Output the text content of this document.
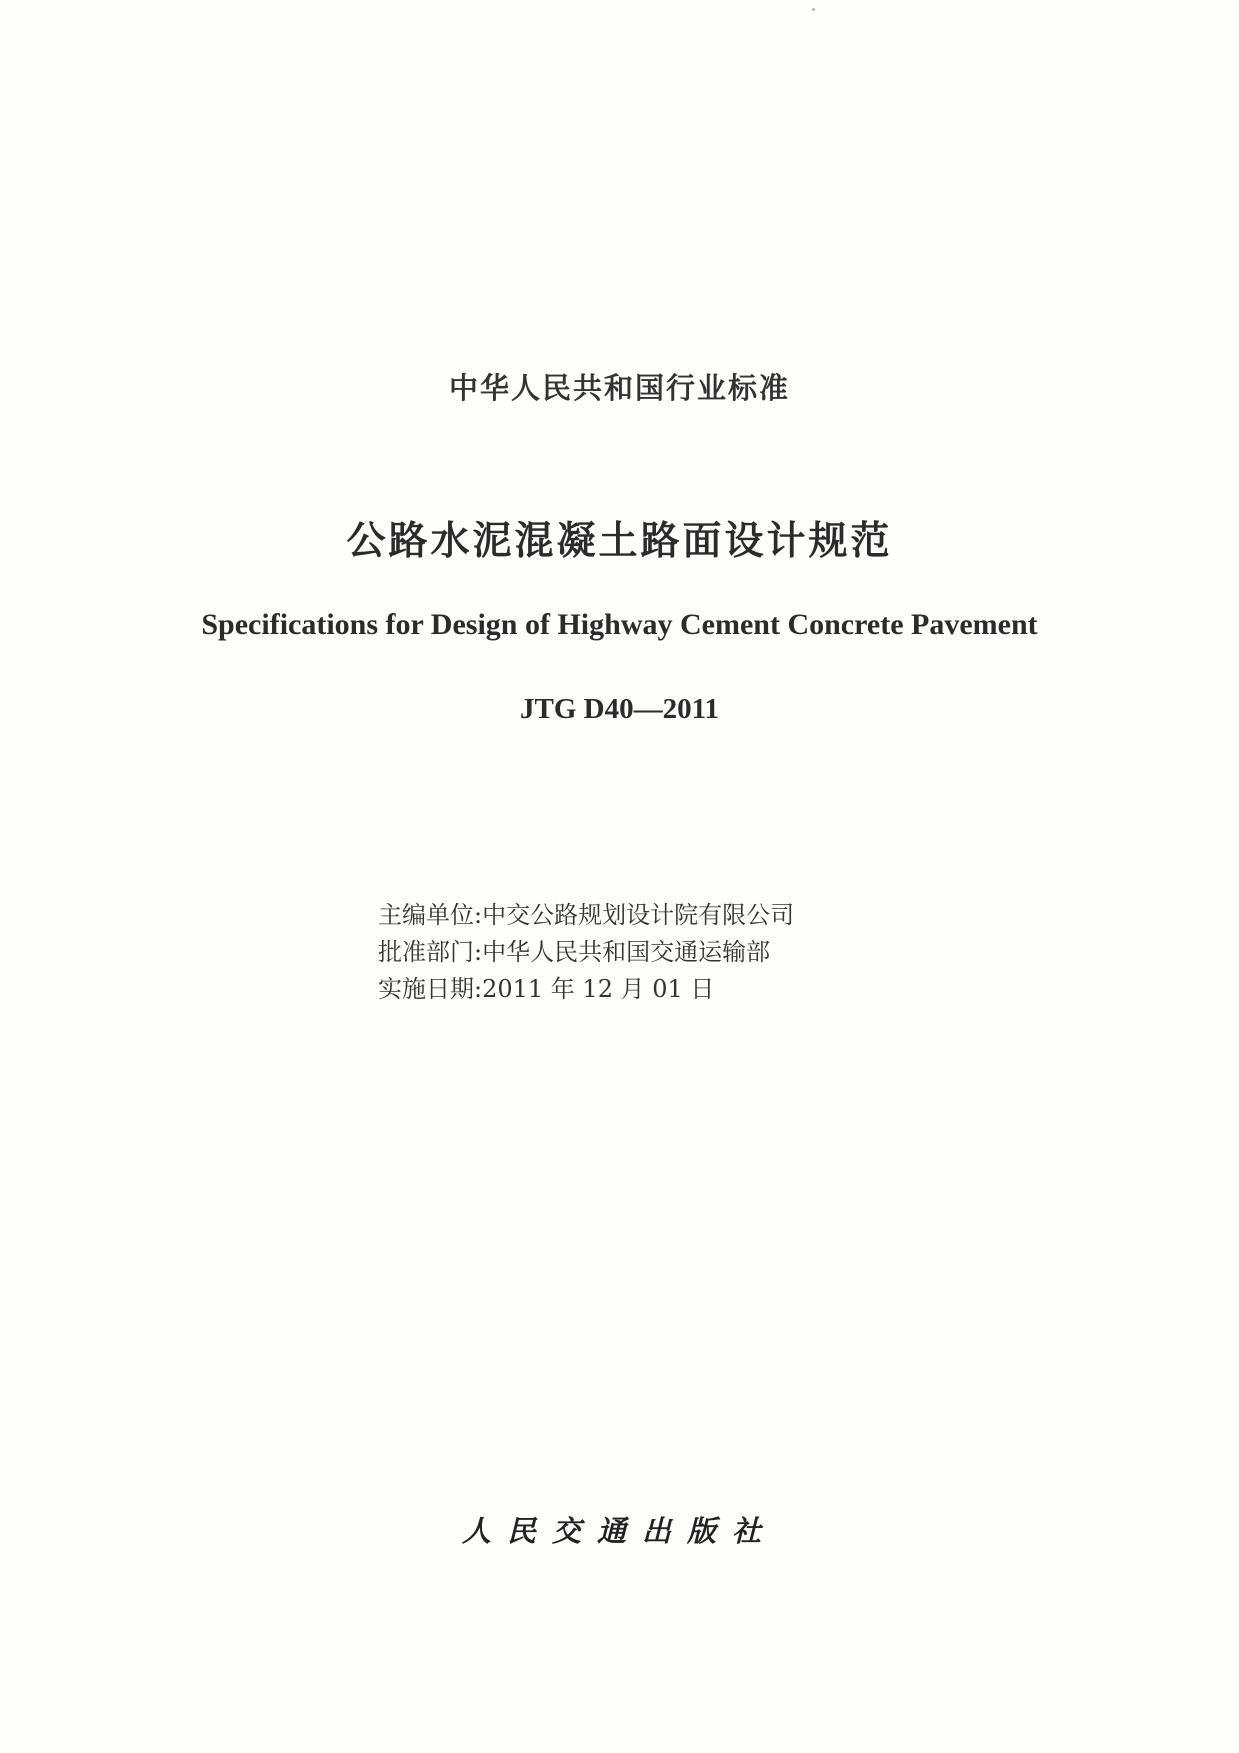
中华人民共和国行业标准
公路水泥混凝土路面设计规范
Specifications for Design of Highway Cement Concrete Pavement
JTG D40—2011
主编单位:中交公路规划设计院有限公司
批准部门:中华人民共和国交通运输部
实施日期:2011 年 12 月 01 日
人民交通出版社
